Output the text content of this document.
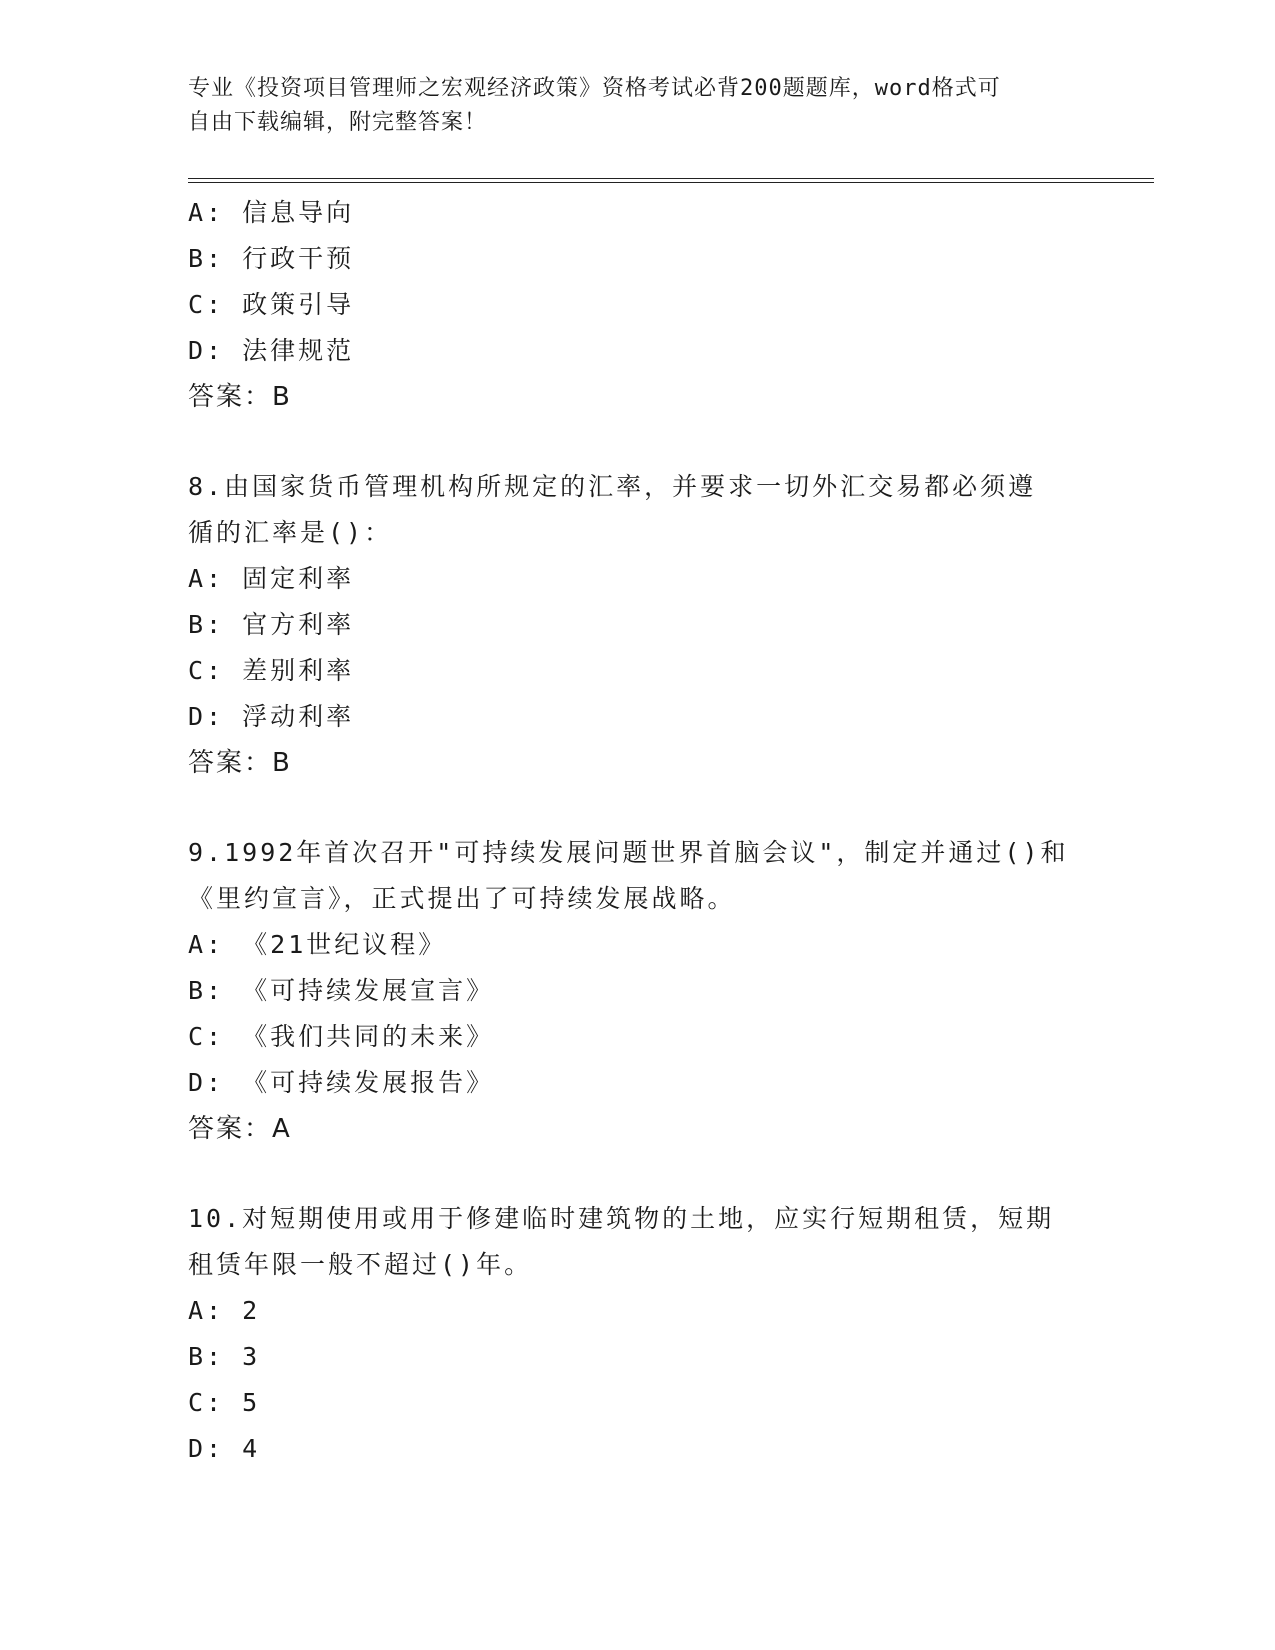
专业《投资项目管理师之宏观经济政策》资格考试必背200题题库，word格式可
自由下载编辑，附完整答案！
A: 信息导向
B: 行政干预
C: 政策引导
D: 法律规范
答案：B
8.由国家货币管理机构所规定的汇率，并要求一切外汇交易都必须遵
循的汇率是()：
A: 固定利率
B: 官方利率
C: 差别利率
D: 浮动利率
答案：B
9.1992年首次召开"可持续发展问题世界首脑会议"，制定并通过()和
《里约宣言》，正式提出了可持续发展战略。
A: 《21世纪议程》
B: 《可持续发展宣言》
C: 《我们共同的未来》
D: 《可持续发展报告》
答案：A
10.对短期使用或用于修建临时建筑物的土地，应实行短期租赁，短期
租赁年限一般不超过()年。
A: 2
B: 3
C: 5
D: 4
